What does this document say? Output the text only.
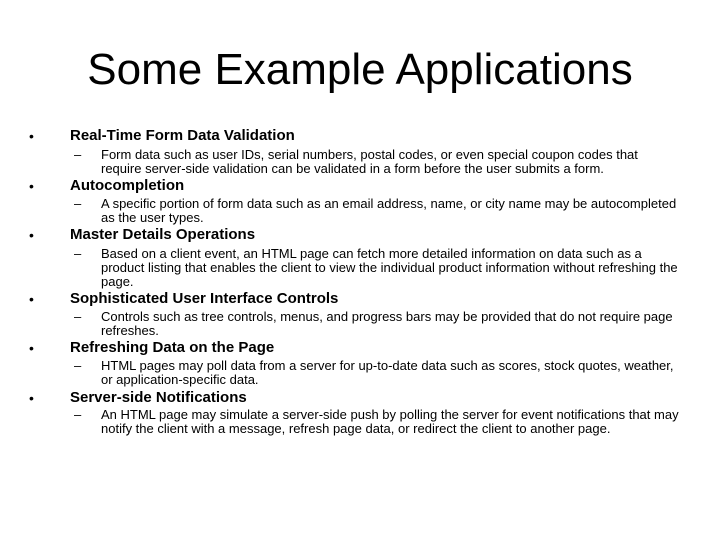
Some Example Applications
• Real-Time Form Data Validation
– Form data such as user IDs, serial numbers, postal codes, or even special coupon codes that require server-side validation can be validated in a form before the user submits a form.
• Autocompletion
– A specific portion of form data such as an email address, name, or city name may be autocompleted as the user types.
• Master Details Operations
– Based on a client event, an HTML page can fetch more detailed information on data such as a product listing that enables the client to view the individual product information without refreshing the page.
• Sophisticated User Interface Controls
– Controls such as tree controls, menus, and progress bars may be provided that do not require page refreshes.
• Refreshing Data on the Page
– HTML pages may poll data from a server for up-to-date data such as scores, stock quotes, weather, or application-specific data.
• Server-side Notifications
– An HTML page may simulate a server-side push by polling the server for event notifications that may notify the client with a message, refresh page data, or redirect the client to another page.
